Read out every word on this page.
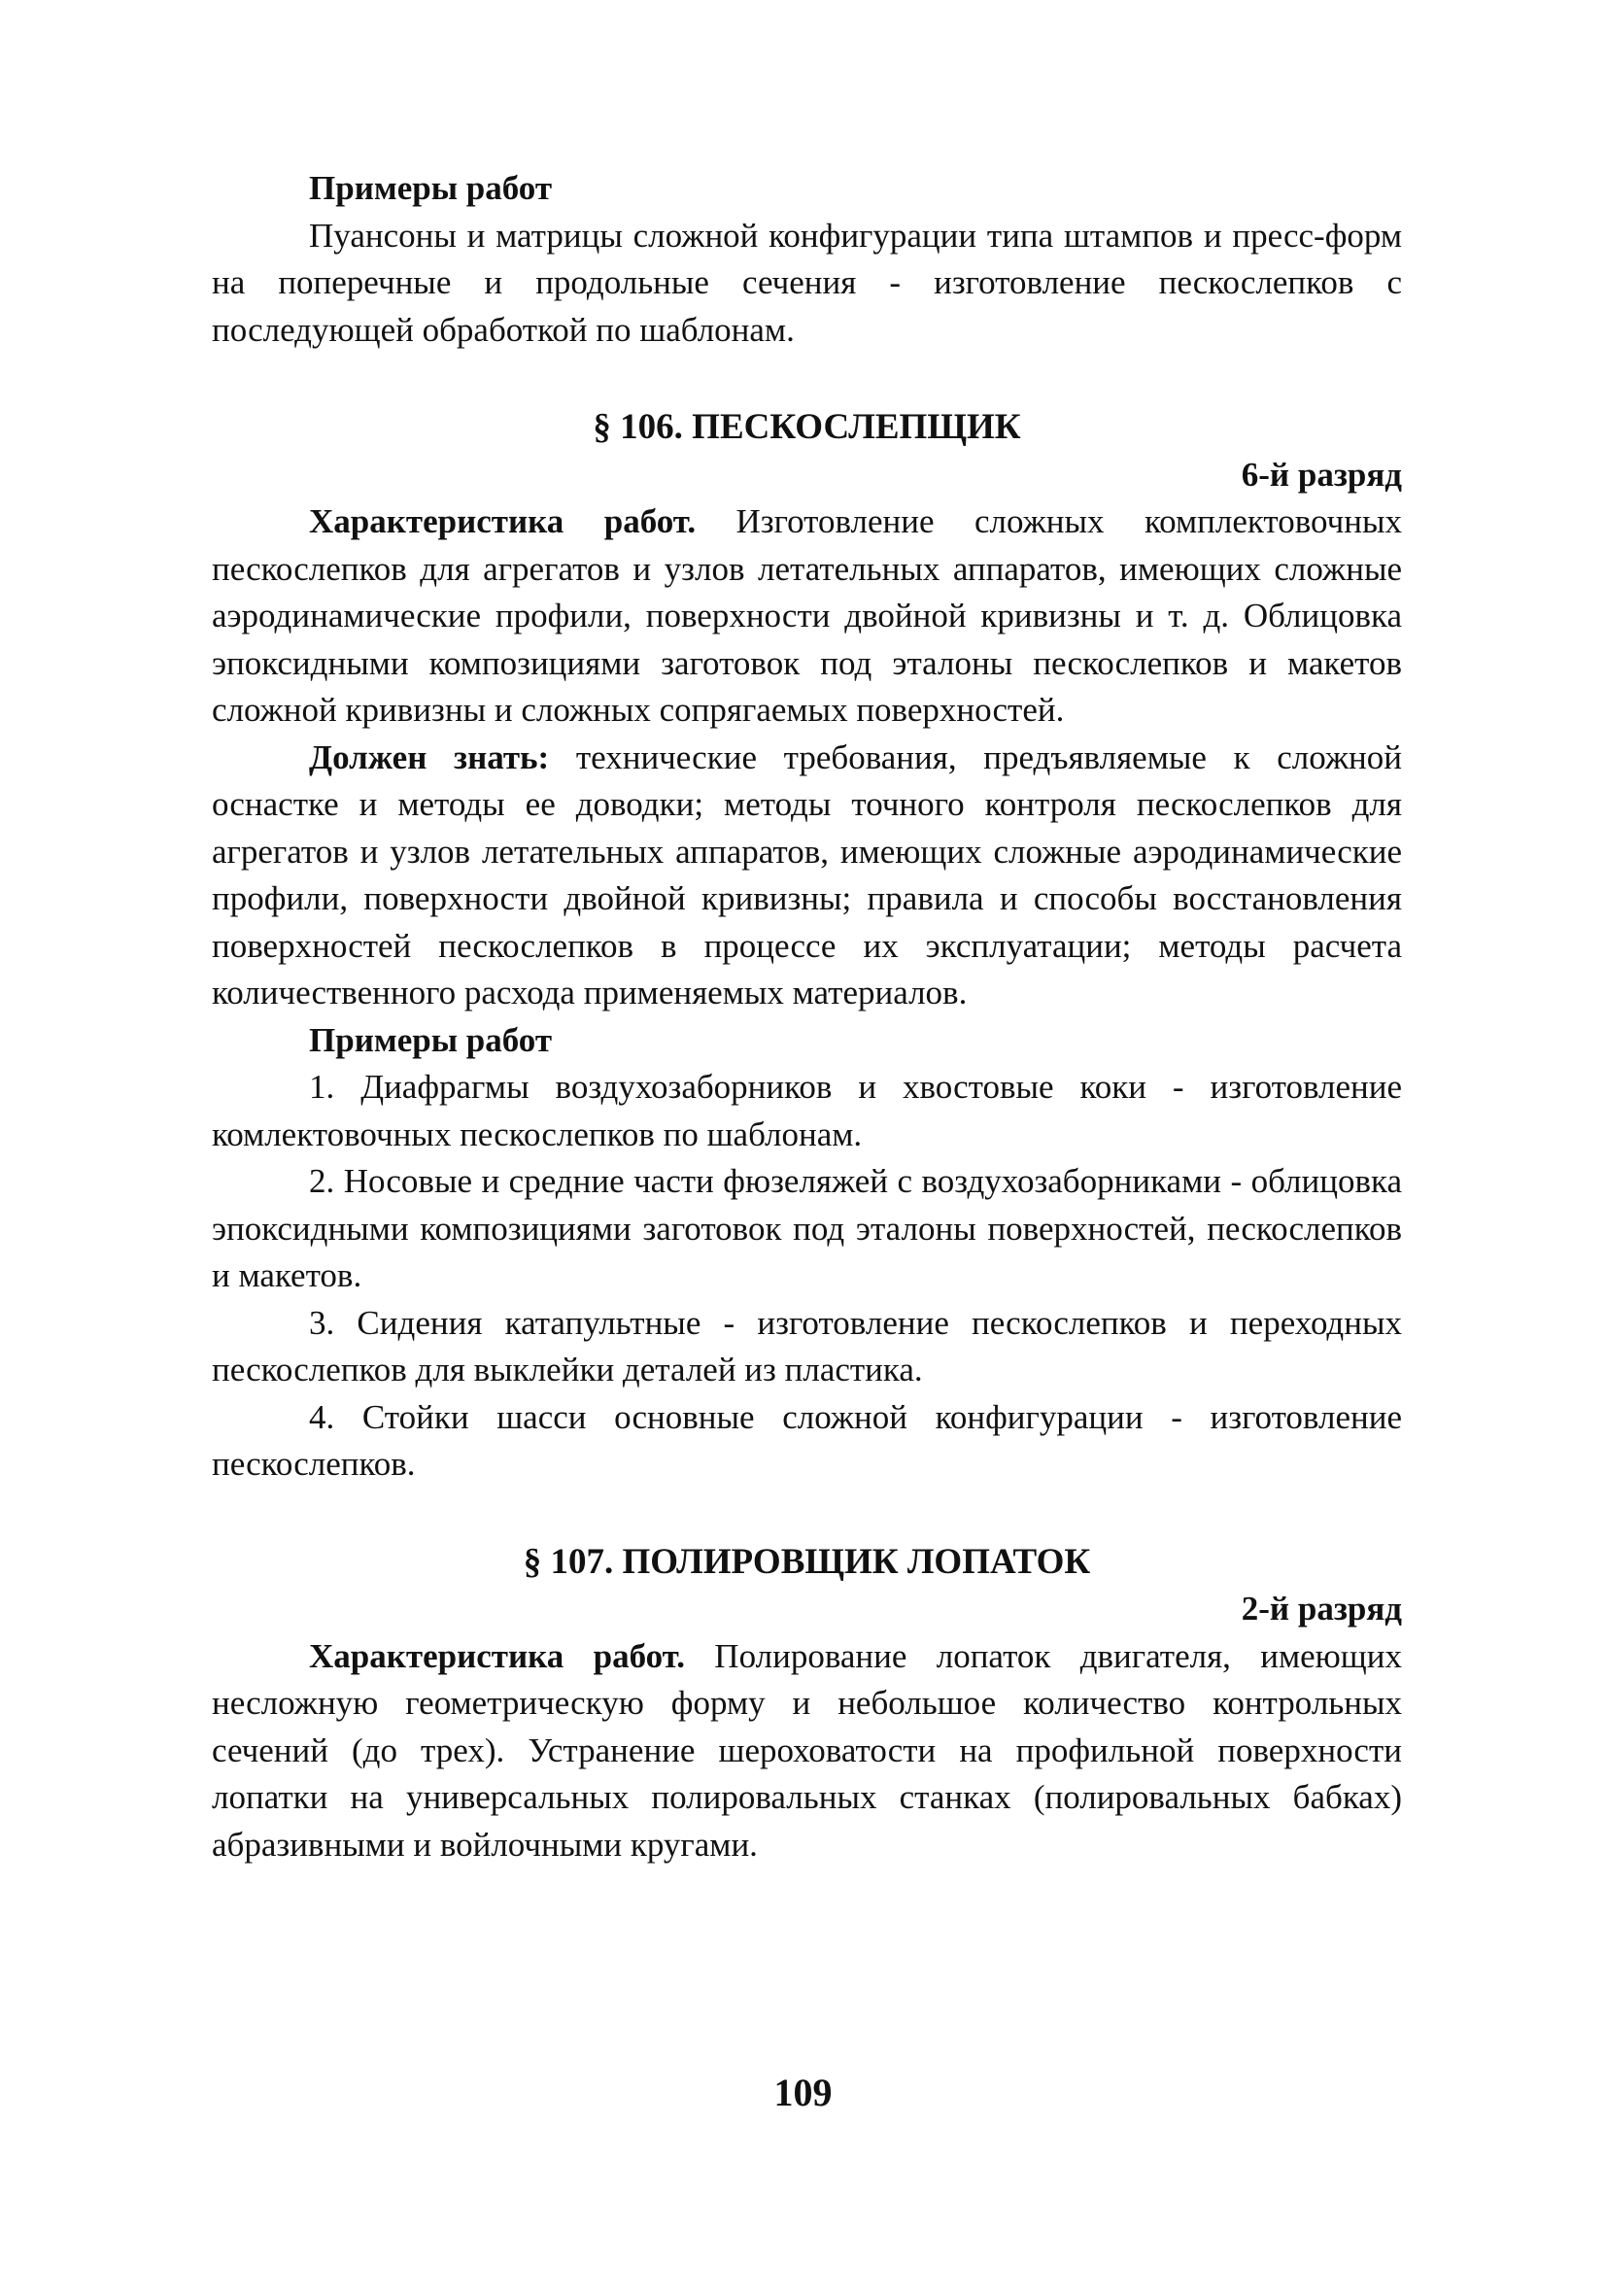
Примеры работ

Пуансоны и матрицы сложной конфигурации типа штампов и пресс-форм на поперечные и продольные сечения - изготовление пескослепков с последующей обработкой по шаблонам.

§ 106. ПЕСКОСЛЕПЩИК
6-й разряд

Характеристика работ. Изготовление сложных комплектовочных пескослепков для агрегатов и узлов летательных аппаратов, имеющих сложные аэродинамические профили, поверхности двойной кривизны и т. д. Облицовка эпоксидными композициями заготовок под эталоны пескослепков и макетов сложной кривизны и сложных сопрягаемых поверхностей.

Должен знать: технические требования, предъявляемые к сложной оснастке и методы ее доводки; методы точного контроля пескослепков для агрегатов и узлов летательных аппаратов, имеющих сложные аэродинамические профили, поверхности двойной кривизны; правила и способы восстановления поверхностей пескослепков в процессе их эксплуатации; методы расчета количественного расхода применяемых материалов.

Примеры работ

1. Диафрагмы воздухозаборников и хвостовые коки - изготовление комлектовочных пескослепков по шаблонам.

2. Носовые и средние части фюзеляжей с воздухозаборниками - облицовка эпоксидными композициями заготовок под эталоны поверхностей, пескослепков и макетов.

3. Сидения катапультные - изготовление пескослепков и переходных пескослепков для выклейки деталей из пластика.

4. Стойки шасси основные сложной конфигурации - изготовление пескослепков.

§ 107. ПОЛИРОВЩИК ЛОПАТОК
2-й разряд

Характеристика работ. Полирование лопаток двигателя, имеющих несложную геометрическую форму и небольшое количество контрольных сечений (до трех). Устранение шероховатости на профильной поверхности лопатки на универсальных полировальных станках (полировальных бабках) абразивными и войлочными кругами.

109
